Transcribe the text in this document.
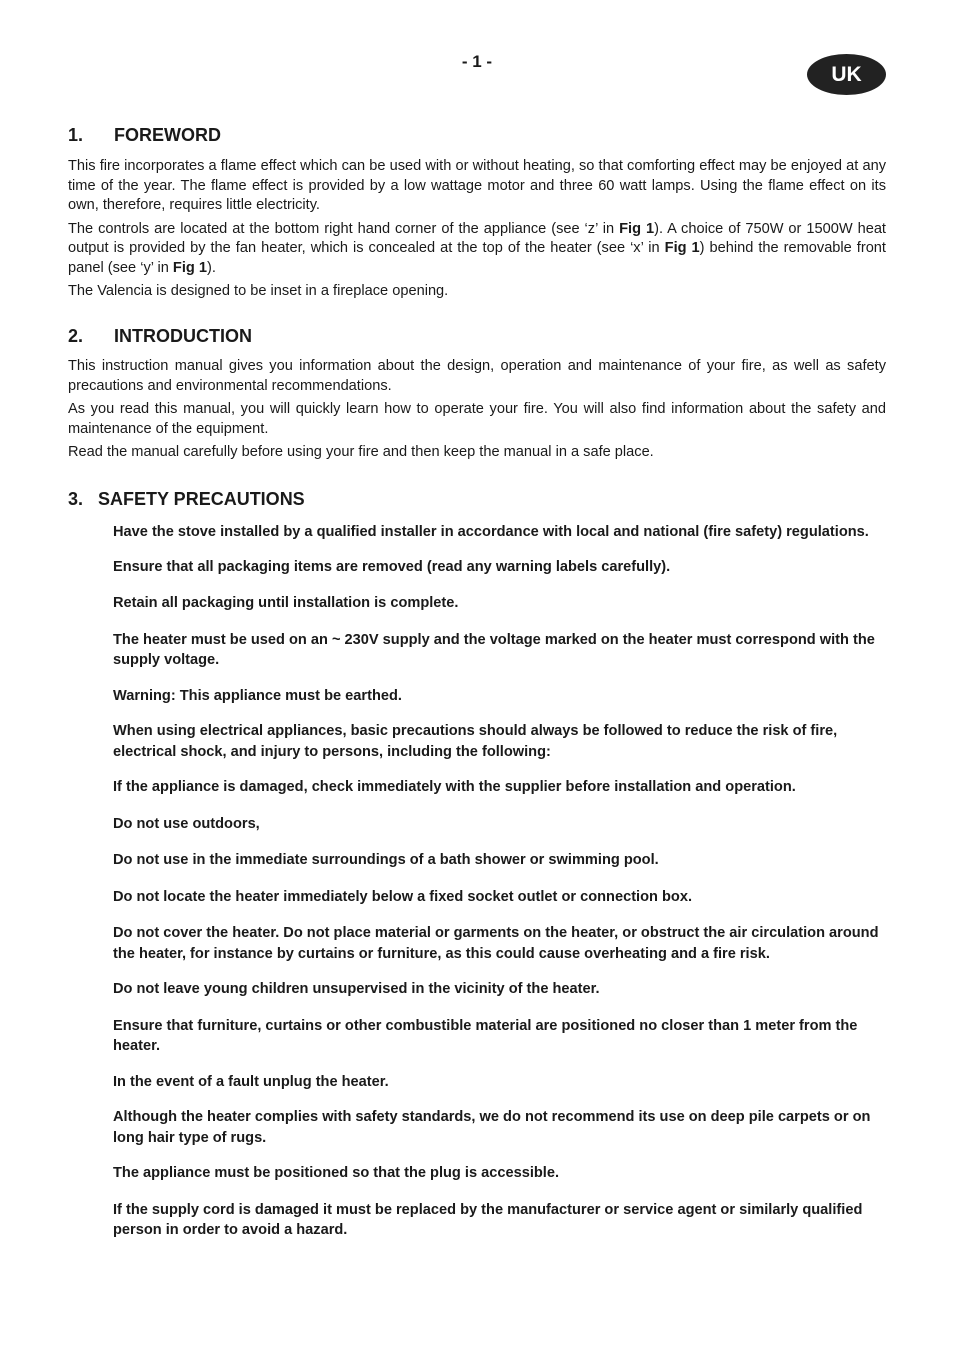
- 1 -
UK
1. FOREWORD

This fire incorporates a flame effect which can be used with or without heating, so that comforting effect may be enjoyed at any time of the year. The flame effect is provided by a low wattage motor and three 60 watt lamps. Using the flame effect on its own, therefore, requires little electricity.

The controls are located at the bottom right hand corner of the appliance (see ‘z’ in Fig 1). A choice of 750W or 1500W heat output is provided by the fan heater, which is concealed at the top of the heater (see ‘x’ in Fig 1) behind the removable front panel (see ‘y’ in Fig 1).

The Valencia is designed to be inset in a fireplace opening.

2. INTRODUCTION

This instruction manual gives you information about the design, operation and maintenance of your fire, as well as safety precautions and environmental recommendations.

As you read this manual, you will quickly learn how to operate your fire. You will also find information about the safety and maintenance of the equipment.

Read the manual carefully before using your fire and then keep the manual in a safe place.

3. SAFETY PRECAUTIONS

Have the stove installed by a qualified installer in accordance with local and national (fire safety) regulations.

Ensure that all packaging items are removed (read any warning labels carefully).

Retain all packaging until installation is complete.

The heater must be used on an ~ 230V supply and the voltage marked on the heater must correspond with the supply voltage.

Warning: This appliance must be earthed.

When using electrical appliances, basic precautions should always be followed to reduce the risk of fire, electrical shock, and injury to persons, including the following:

If the appliance is damaged, check immediately with the supplier before installation and operation.

Do not use outdoors,

Do not use in the immediate surroundings of a bath shower or swimming pool.

Do not locate the heater immediately below a fixed socket outlet or connection box.

Do not cover the heater. Do not place material or garments on the heater, or obstruct the air circulation around the heater, for instance by curtains or furniture, as this could cause overheating and a fire risk.

Do not leave young children unsupervised in the vicinity of the heater.

Ensure that furniture, curtains or other combustible material are positioned no closer than 1 meter from the heater.

In the event of a fault unplug the heater.

Although the heater complies with safety standards, we do not recommend its use on deep pile carpets or on long hair type of rugs.

The appliance must be positioned so that the plug is accessible.

If the supply cord is damaged it must be replaced by the manufacturer or service agent or similarly qualified person in order to avoid a hazard.
